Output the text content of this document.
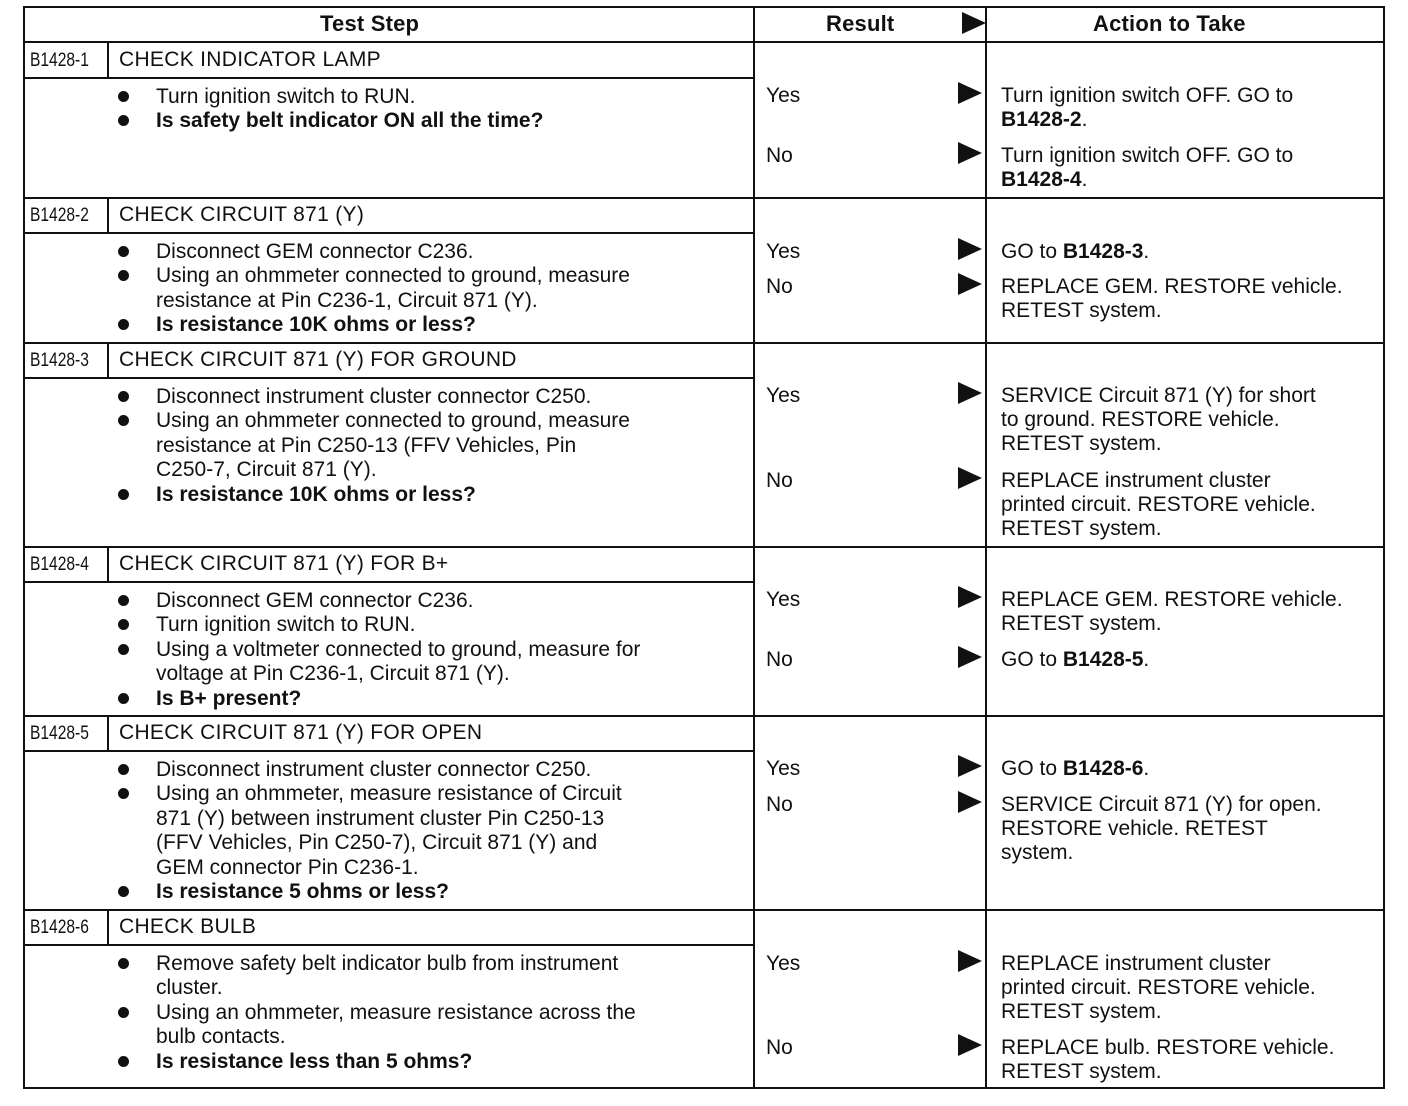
Test Step	Result	Action to Take
B1428-1 CHECK INDICATOR LAMP
Turn ignition switch to RUN.
Is safety belt indicator ON all the time?
Yes	Turn ignition switch OFF. GO to
B1428-2.
No	Turn ignition switch OFF. GO to
B1428-4.
B1428-2 CHECK CIRCUIT 871 (Y)
Disconnect GEM connector C236.
Using an ohmmeter connected to ground, measure
resistance at Pin C236-1, Circuit 871 (Y).
Is resistance 10K ohms or less?
Yes	GO to B1428-3.
No	REPLACE GEM. RESTORE vehicle.
RETEST system.
B1428-3 CHECK CIRCUIT 871 (Y) FOR GROUND
Disconnect instrument cluster connector C250.
Using an ohmmeter connected to ground, measure
resistance at Pin C250-13 (FFV Vehicles, Pin
C250-7, Circuit 871 (Y).
Is resistance 10K ohms or less?
Yes	SERVICE Circuit 871 (Y) for short
to ground. RESTORE vehicle.
RETEST system.
No	REPLACE instrument cluster
printed circuit. RESTORE vehicle.
RETEST system.
B1428-4 CHECK CIRCUIT 871 (Y) FOR B+
Disconnect GEM connector C236.
Turn ignition switch to RUN.
Using a voltmeter connected to ground, measure for
voltage at Pin C236-1, Circuit 871 (Y).
Is B+ present?
Yes	REPLACE GEM. RESTORE vehicle.
RETEST system.
No	GO to B1428-5.
B1428-5 CHECK CIRCUIT 871 (Y) FOR OPEN
Disconnect instrument cluster connector C250.
Using an ohmmeter, measure resistance of Circuit
871 (Y) between instrument cluster Pin C250-13
(FFV Vehicles, Pin C250-7), Circuit 871 (Y) and
GEM connector Pin C236-1.
Is resistance 5 ohms or less?
Yes	GO to B1428-6.
No	SERVICE Circuit 871 (Y) for open.
RESTORE vehicle. RETEST
system.
B1428-6 CHECK BULB
Remove safety belt indicator bulb from instrument
cluster.
Using an ohmmeter, measure resistance across the
bulb contacts.
Is resistance less than 5 ohms?
Yes	REPLACE instrument cluster
printed circuit. RESTORE vehicle.
RETEST system.
No	REPLACE bulb. RESTORE vehicle.
RETEST system.
